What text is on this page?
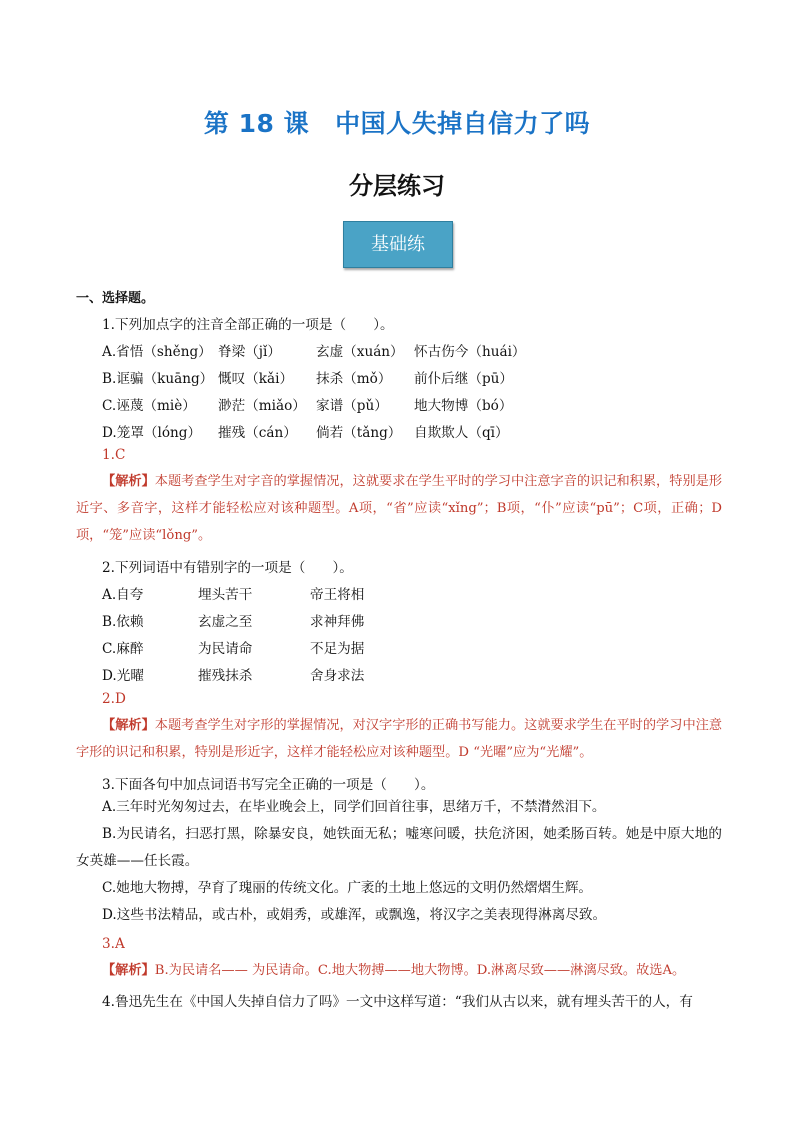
第 18 课 中国人失掉自信力了吗
分层练习
基础练
一、选择题。
1.下列加点字的注音全部正确的一项是（　　）。
A.省悟（shěng） 脊梁（jǐ）	玄虚（xuán） 怀古伤今（huái）
B.诓骗（kuāng） 慨叹（kǎi） 抹杀（mǒ） 前仆后继（pū）
C.诬蔑（miè） 渺茫（miǎo） 家谱（pǔ） 地大物博（bó）
D.笼罩（lóng） 摧残（cán） 倘若（tǎng） 自欺欺人（qī）
1.C
【解析】本题考查学生对字音的掌握情况，这就要求在学生平时的学习中注意字音的识记和积累，特别是形近字、多音字，这样才能轻松应对该种题型。A项，“省”应读“xǐng”；B项，“仆”应读“pū”；C项，正确；D项，“笼”应读“lǒng”。
2.下列词语中有错别字的一项是（　　）。
A.自夸	埋头苦干	帝王将相
B.依赖	玄虚之至	求神拜佛
C.麻醉	为民请命	不足为据
D.光曜	摧残抹杀	舍身求法
2.D
【解析】本题考查学生对字形的掌握情况，对汉字字形的正确书写能力。这就要求学生在平时的学习中注意字形的识记和积累，特别是形近字，这样才能轻松应对该种题型。D “光曜”应为“光耀”。
3.下面各句中加点词语书写完全正确的一项是（　　）。
A.三年时光匆匆过去，在毕业晚会上，同学们回首往事，思绪万千，不禁潸然泪下。
B.为民请名，扫恶打黑，除暴安良，她铁面无私；嘘寒问暖，扶危济困，她柔肠百转。她是中原大地的女英雄——任长霞。
C.她地大物搏，孕育了瑰丽的传统文化。广袤的土地上悠远的文明仍然熠熠生辉。
D.这些书法精品，或古朴，或娟秀，或雄浑，或飘逸，将汉字之美表现得淋离尽致。
3.A
【解析】B.为民请名—— 为民请命。C.地大物搏——地大物博。D.淋离尽致——淋漓尽致。故选A。
4.鲁迅先生在《中国人失掉自信力了吗》一文中这样写道：“我们从古以来，就有埋头苦干的人，有
